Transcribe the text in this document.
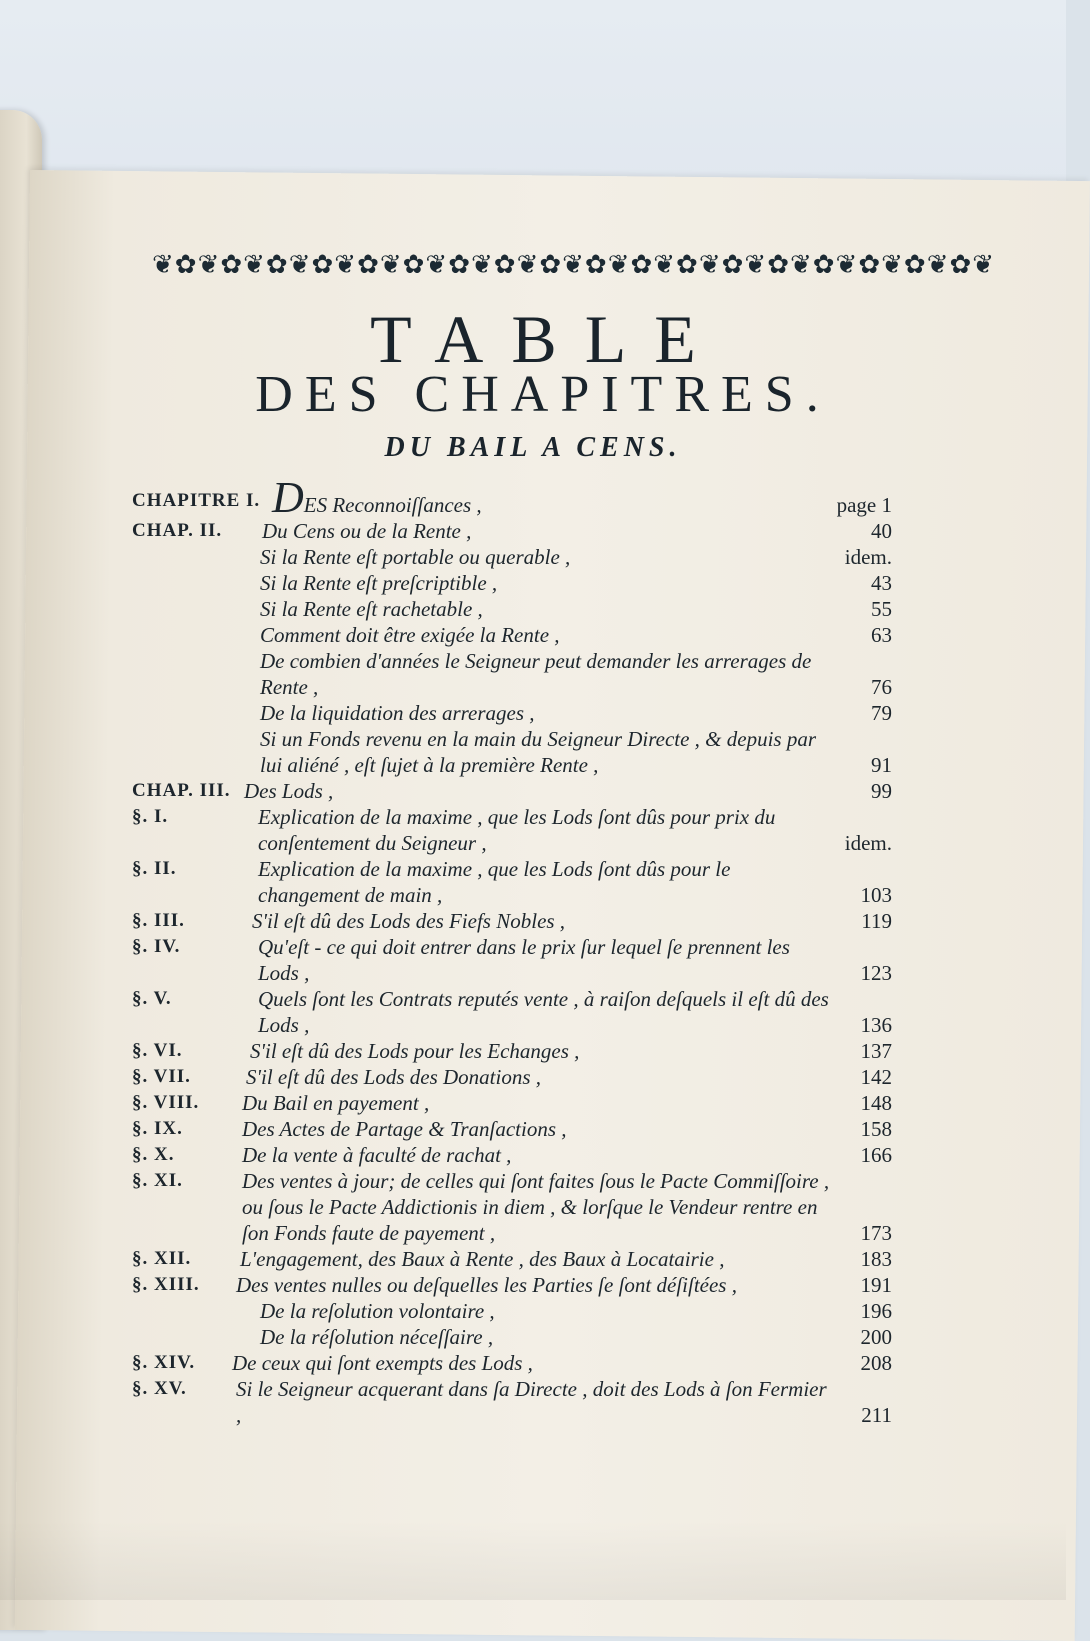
❦✿❦✿❦✿❦✿❦✿❦✿❦✿❦✿❦✿❦✿❦✿❦✿❦✿❦✿❦✿❦✿❦✿❦✿❦
TABLE
DES CHAPITRES.
DU BAIL A CENS.
CHAPITRE I. DES Reconnoiſſances ,	page 1
CHAP. II.	Du Cens ou de la Rente ,	40
Si la Rente eſt portable ou querable ,	idem.
Si la Rente eſt preſcriptible ,	43
Si la Rente eſt rachetable ,	55
Comment doit être exigée la Rente ,	63
De combien d'années le Seigneur peut demander les arrerages de Rente ,	76
De la liquidation des arrerages ,	79
Si un Fonds revenu en la main du Seigneur Directe , & depuis par lui aliéné , eſt ſujet à la première Rente ,	91
CHAP. III. Des Lods ,	99
§. I.	Explication de la maxime , que les Lods ſont dûs pour prix du conſentement du Seigneur ,	idem.
§. II.	Explication de la maxime , que les Lods ſont dûs pour le changement de main ,	103
§. III.	S'il eſt dû des Lods des Fiefs Nobles ,	119
§. IV.	Qu'eſt - ce qui doit entrer dans le prix ſur lequel ſe prennent les Lods ,	123
§. V.	Quels ſont les Contrats reputés vente , à raiſon deſquels il eſt dû des Lods ,	136
§. VI.	S'il eſt dû des Lods pour les Echanges ,	137
§. VII.	S'il eſt dû des Lods des Donations ,	142
§. VIII.	Du Bail en payement ,	148
§. IX.	Des Actes de Partage & Tranſactions ,	158
§. X.	De la vente à faculté de rachat ,	166
§. XI.	Des ventes à jour; de celles qui ſont faites ſous le Pacte Commiſſoire , ou ſous le Pacte Addictionis in diem , & lorſque le Vendeur rentre en ſon Fonds faute de payement ,	173
§. XII.	L'engagement, des Baux à Rente , des Baux à Locatairie ,	183
§. XIII.	Des ventes nulles ou deſquelles les Parties ſe ſont déſiſtées ,	191
De la reſolution volontaire ,	196
De la réſolution néceſſaire ,	200
§. XIV.	De ceux qui ſont exempts des Lods ,	208
§. XV.	Si le Seigneur acquerant dans ſa Directe , doit des Lods à ſon Fermier ,	211
